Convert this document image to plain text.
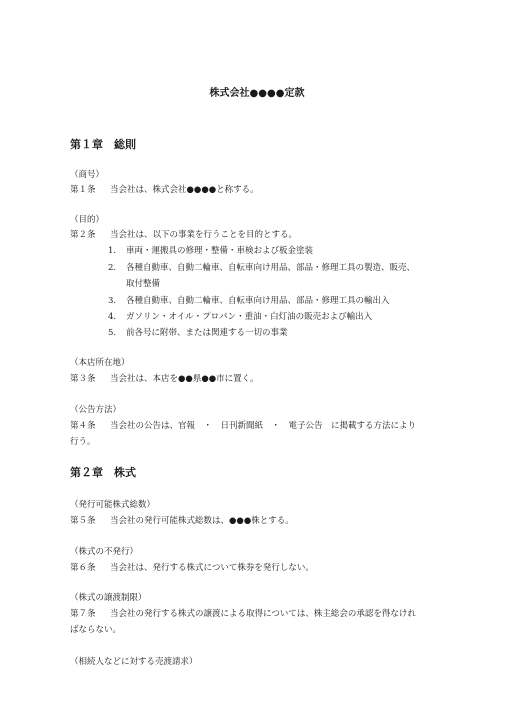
株式会社●●●●定款
第１章　 総則
（商号）
第１条 当会社は、株式会社●●●●と称する。
（目的）
第２条 当会社は、以下の事業を行うことを目的とする。
1. 車両・運搬具の修理・整備・車検および板金塗装
2. 各種自動車、自動二輪車、自転車向け用品、部品・修理工具の製造、販売、
取付整備
3. 各種自動車、自動二輪車、自転車向け用品、部品・修理工具の輸出入
4. ガソリン・オイル・プロパン・重油・白灯油の販売および輸出入
5. 前各号に附帯、または関連する一切の事業
（本店所在地）
第３条 当会社は、本店を●●県●●市に置く。
（公告方法）
第４条 当会社の公告は、官報　・　日刊新聞紙　・　電子公告　に掲載する方法により
行う。
第２章　 株式
（発行可能株式総数）
第５条 当会社の発行可能株式総数は、●●●株とする。
（株式の不発行）
第６条 当会社は、発行する株式について株券を発行しない。
（株式の譲渡制限）
第７条 当会社の発行する株式の譲渡による取得については、株主総会の承認を得なけれ
ばならない。
（相続人などに対する売渡請求）
